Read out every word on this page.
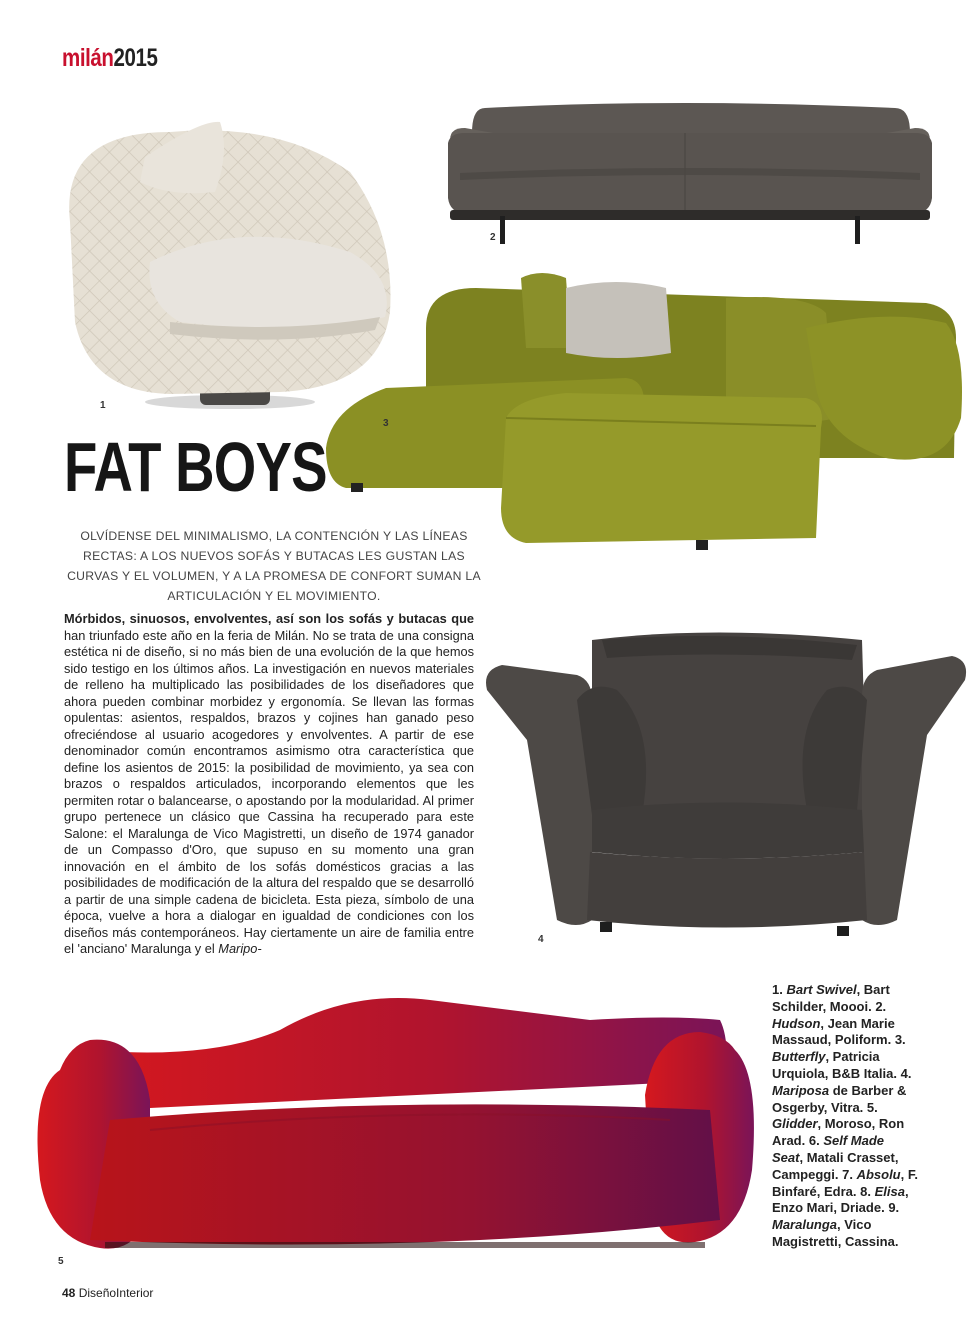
milán2015
1
2
3
FAT BOYS
OLVÍDENSE DEL MINIMALISMO, LA CONTENCIÓN Y LAS LÍNEAS RECTAS: A LOS NUEVOS SOFÁS Y BUTACAS LES GUSTAN LAS CURVAS Y EL VOLUMEN, Y A LA PROMESA DE CONFORT SUMAN LA ARTICULACIÓN Y EL MOVIMIENTO.
Mórbidos, sinuosos, envolventes, así son los sofás y butacas que han triunfado este año en la feria de Milán. No se trata de una consigna estética ni de diseño, si no más bien de una evolución de la que hemos sido testigo en los últimos años. La investigación en nuevos materiales de relleno ha multiplicado las posibilidades de los diseñadores que ahora pueden combinar morbidez y ergonomía. Se llevan las formas opulentas: asientos, respaldos, brazos y cojines han ganado peso ofreciéndose al usuario acogedores y envolventes. A partir de ese denominador común encontramos asimismo otra característica que define los asientos de 2015: la posibilidad de movimiento, ya sea con brazos o respaldos articulados, incorporando elementos que les permiten rotar o balancearse, o apostando por la modularidad. Al primer grupo pertenece un clásico que Cassina ha recuperado para este Salone: el Maralunga de Vico Magistretti, un diseño de 1974 ganador de un Compasso d'Oro, que supuso en su momento una gran innovación en el ámbito de los sofás domésticos gracias a las posibilidades de modificación de la altura del respaldo que se desarrolló a partir de una simple cadena de bicicleta. Esta pieza, símbolo de una época, vuelve a hora a dialogar en igualdad de condiciones con los diseños más contemporáneos. Hay ciertamente un aire de familia entre el 'anciano' Maralunga y el Maripo-
4
5
1. Bart Swivel, Bart Schilder, Moooi. 2. Hudson, Jean Marie Massaud, Poliform. 3. Butterfly, Patricia Urquiola, B&B Italia. 4. Mariposa de Barber & Osgerby, Vitra. 5. Glidder, Moroso, Ron Arad. 6. Self Made Seat, Matali Crasset, Campeggi. 7. Absolu, F. Binfaré, Edra. 8. Elisa, Enzo Mari, Driade. 9. Maralunga, Vico Magistretti, Cassina.
48 DiseñoInterior
